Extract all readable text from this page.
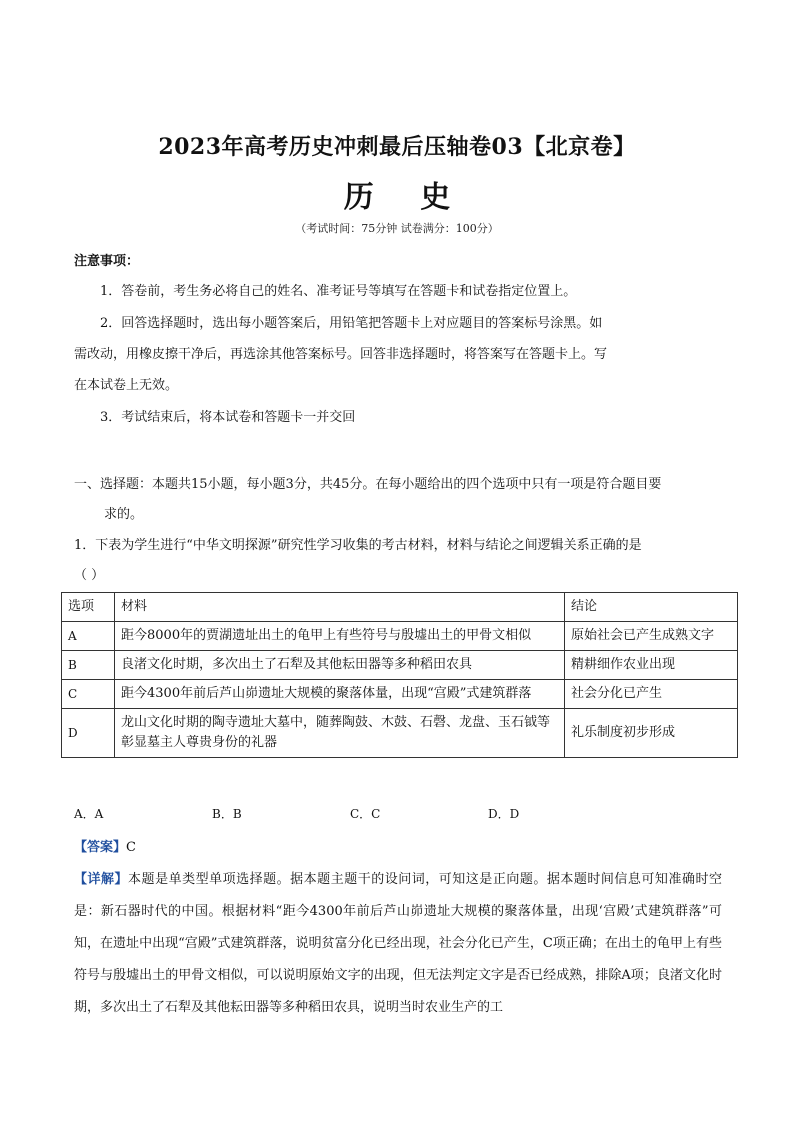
2023年高考历史冲刺最后压轴卷03【北京卷】
历 史
（考试时间：75分钟 试卷满分：100分）
注意事项：
1．答卷前，考生务必将自己的姓名、准考证号等填写在答题卡和试卷指定位置上。
2．回答选择题时，选出每小题答案后，用铅笔把答题卡上对应题目的答案标号涂黑。如
需改动，用橡皮擦干净后，再选涂其他答案标号。回答非选择题时，将答案写在答题卡上。写
在本试卷上无效。
3．考试结束后，将本试卷和答题卡一并交回
一、选择题：本题共15小题，每小题3分，共45分。在每小题给出的四个选项中只有一项是符合题目要
求的。
1．下表为学生进行“中华文明探源”研究性学习收集的考古材料，材料与结论之间逻辑关系正确的是
（ ）
选项	材料	结论
A	距今8000年的贾湖遗址出土的龟甲上有些符号与殷墟出土的甲骨文相似	原始社会已产生成熟文字
B	良渚文化时期，多次出土了石犁及其他耘田器等多种稻田农具	精耕细作农业出现
C	距今4300年前后芦山峁遗址大规模的聚落体量，出现“宫殿”式建筑群落	社会分化已产生
D	龙山文化时期的陶寺遗址大墓中，随葬陶鼓、木鼓、石磬、龙盘、玉石钺等彰显墓主人尊贵身份的礼器	礼乐制度初步形成
A．A	B．B	C．C	D．D
【答案】C
【详解】本题是单类型单项选择题。据本题主题干的设问词，可知这是正向题。据本题时间信息可知准确时空是：新石器时代的中国。根据材料“距今4300年前后芦山峁遗址大规模的聚落体量，出现‘宫殿’式建筑群落”可知，在遗址中出现“宫殿”式建筑群落，说明贫富分化已经出现，社会分化已产生，C项正确；在出土的龟甲上有些符号与殷墟出土的甲骨文相似，可以说明原始文字的出现，但无法判定文字是否已经成熟，排除A项；良渚文化时期，多次出土了石犁及其他耘田器等多种稻田农具，说明当时农业生产的工
